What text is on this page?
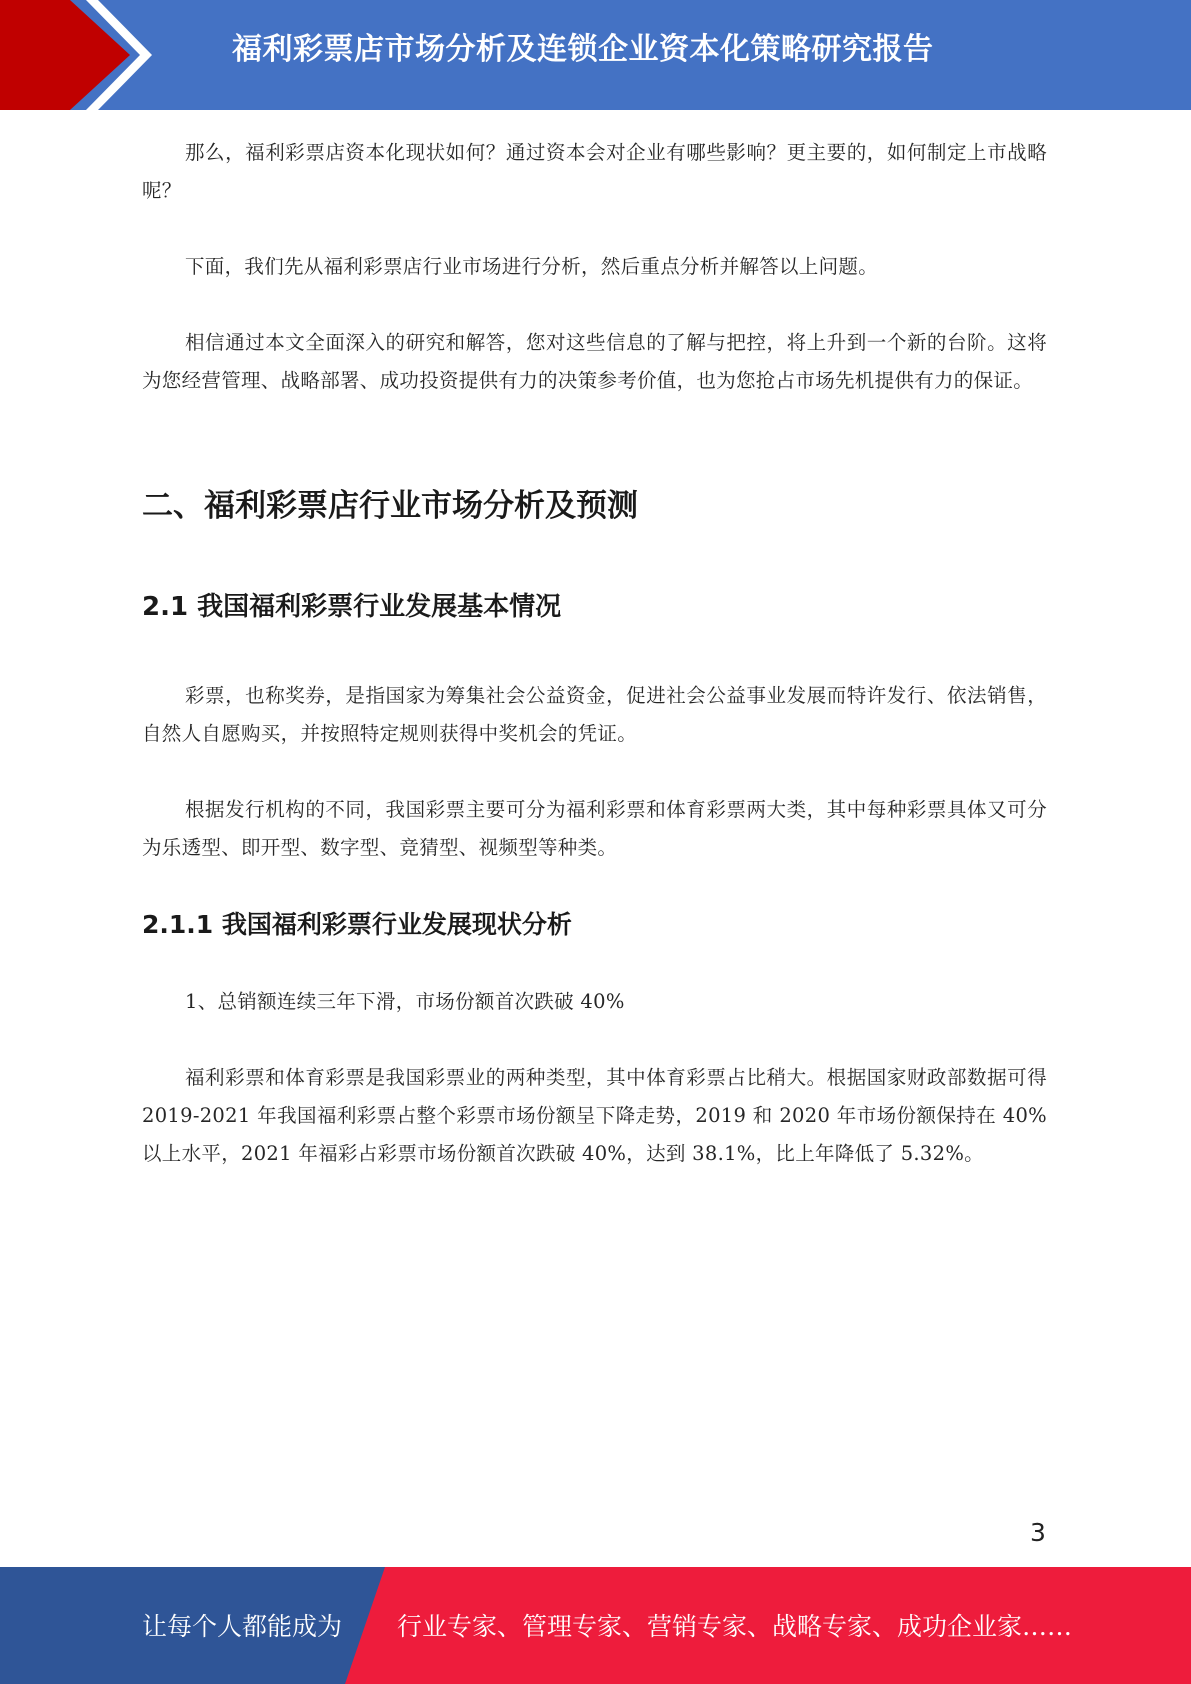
福利彩票店市场分析及连锁企业资本化策略研究报告

那么，福利彩票店资本化现状如何？通过资本会对企业有哪些影响？更主要的，如何制定上市战略呢？

下面，我们先从福利彩票店行业市场进行分析，然后重点分析并解答以上问题。

相信通过本文全面深入的研究和解答，您对这些信息的了解与把控，将上升到一个新的台阶。这将为您经营管理、战略部署、成功投资提供有力的决策参考价值，也为您抢占市场先机提供有力的保证。

二、福利彩票店行业市场分析及预测
2.1 我国福利彩票行业发展基本情况

彩票，也称奖券，是指国家为筹集社会公益资金，促进社会公益事业发展而特许发行、依法销售，自然人自愿购买，并按照特定规则获得中奖机会的凭证。

根据发行机构的不同，我国彩票主要可分为福利彩票和体育彩票两大类，其中每种彩票具体又可分为乐透型、即开型、数字型、竞猜型、视频型等种类。

2.1.1 我国福利彩票行业发展现状分析

1、总销额连续三年下滑，市场份额首次跌破 40%

福利彩票和体育彩票是我国彩票业的两种类型，其中体育彩票占比稍大。根据国家财政部数据可得 2019-2021 年我国福利彩票占整个彩票市场份额呈下降走势，2019 和 2020 年市场份额保持在 40%以上水平，2021 年福彩占彩票市场份额首次跌破 40%，达到 38.1%，比上年降低了 5.32%。

3
让每个人都能成为 行业专家、管理专家、营销专家、战略专家、成功企业家……
